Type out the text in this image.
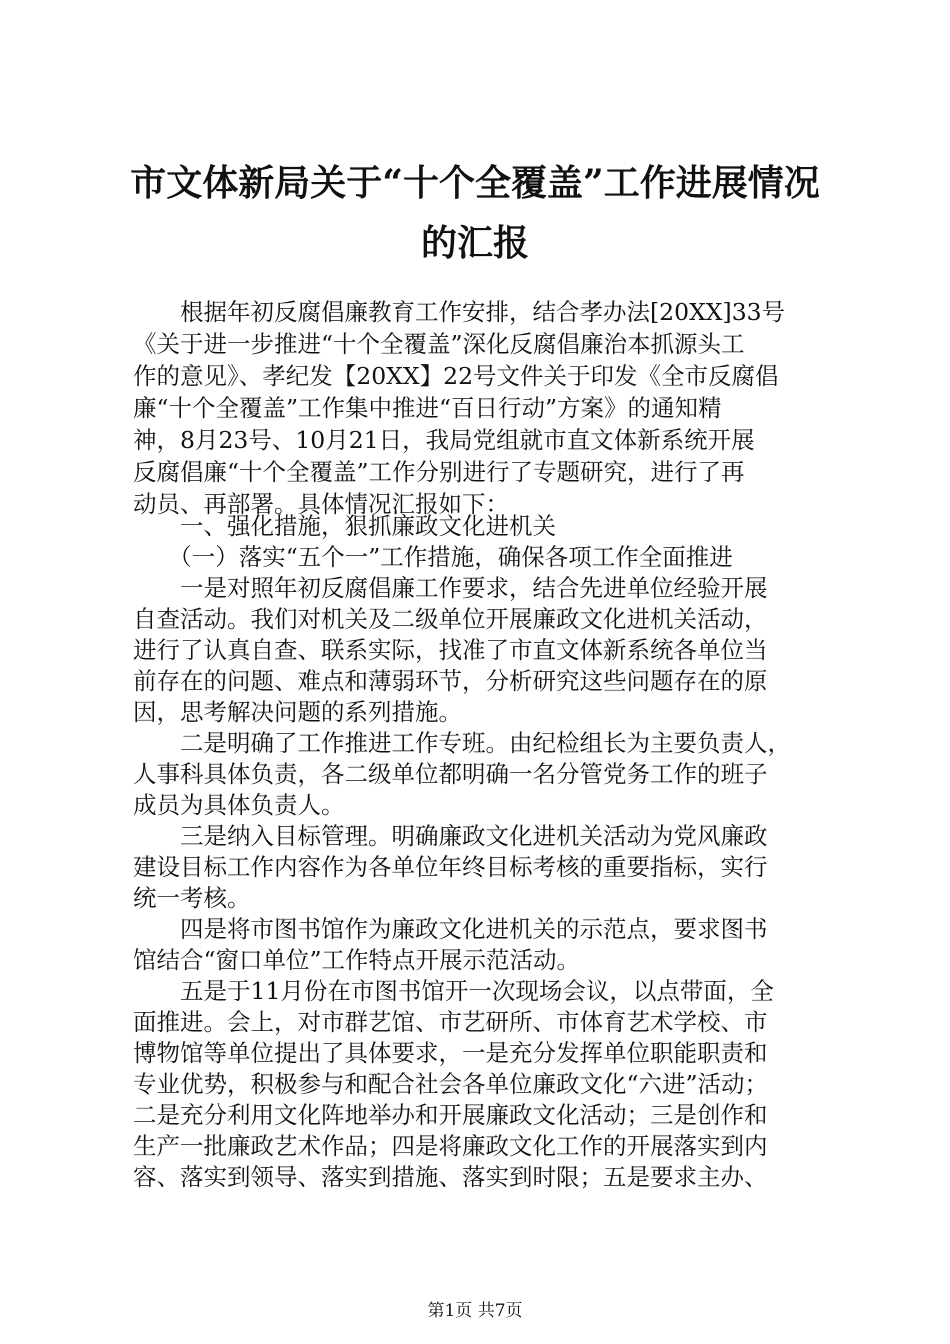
市文体新局关于“十个全覆盖”工作进展情况
的汇报
　　根据年初反腐倡廉教育工作安排，结合孝办法[20XX]33号
《关于进一步推进“十个全覆盖”深化反腐倡廉治本抓源头工
作的意见》、孝纪发【20XX】22号文件关于印发《全市反腐倡
廉“十个全覆盖”工作集中推进“百日行动”方案》的通知精
神，8月23号、10月21日，我局党组就市直文体新系统开展
反腐倡廉“十个全覆盖”工作分别进行了专题研究，进行了再
动员、再部署。具体情况汇报如下：
　　一、强化措施，狠抓廉政文化进机关
　　（一）落实“五个一”工作措施，确保各项工作全面推进
　　一是对照年初反腐倡廉工作要求，结合先进单位经验开展
自查活动。我们对机关及二级单位开展廉政文化进机关活动，
进行了认真自查、联系实际，找准了市直文体新系统各单位当
前存在的问题、难点和薄弱环节，分析研究这些问题存在的原
因，思考解决问题的系列措施。
　　二是明确了工作推进工作专班。由纪检组长为主要负责人，
人事科具体负责，各二级单位都明确一名分管党务工作的班子
成员为具体负责人。
　　三是纳入目标管理。明确廉政文化进机关活动为党风廉政
建设目标工作内容作为各单位年终目标考核的重要指标，实行
统一考核。
　　四是将市图书馆作为廉政文化进机关的示范点，要求图书
馆结合“窗口单位”工作特点开展示范活动。
　　五是于11月份在市图书馆开一次现场会议，以点带面，全
面推进。会上，对市群艺馆、市艺研所、市体育艺术学校、市
博物馆等单位提出了具体要求，一是充分发挥单位职能职责和
专业优势，积极参与和配合社会各单位廉政文化“六进”活动；
二是充分利用文化阵地举办和开展廉政文化活动；三是创作和
生产一批廉政艺术作品；四是将廉政文化工作的开展落实到内
容、落实到领导、落实到措施、落实到时限；五是要求主办、
第1页 共7页
